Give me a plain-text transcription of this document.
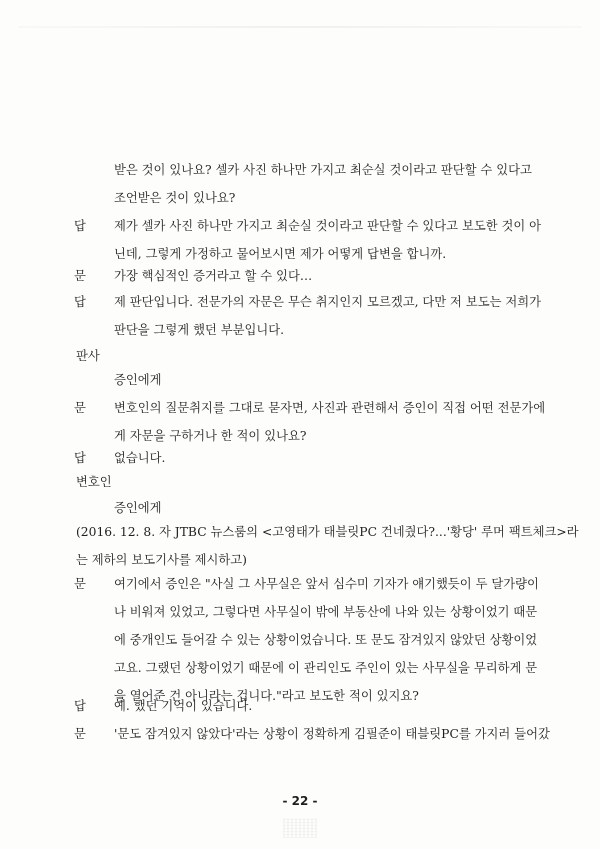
받은 것이 있나요? 셀카 사진 하나만 가지고 최순실 것이라고 판단할 수 있다고
조언받은 것이 있나요?
답	제가 셀카 사진 하나만 가지고 최순실 것이라고 판단할 수 있다고 보도한 것이 아
닌데, 그렇게 가정하고 물어보시면 제가 어떻게 답변을 합니까.
문	가장 핵심적인 증거라고 할 수 있다…
답	제 판단입니다. 전문가의 자문은 무슨 취지인지 모르겠고, 다만 저 보도는 저희가
판단을 그렇게 했던 부분입니다.
판사
증인에게
문	변호인의 질문취지를 그대로 묻자면, 사진과 관련해서 증인이 직접 어떤 전문가에
게 자문을 구하거나 한 적이 있나요?
답	없습니다.
변호인
증인에게
(2016. 12. 8. 자 JTBC 뉴스룸의 <고영태가 태블릿PC 건네줬다?...'황당' 루머 팩트체크>라
는 제하의 보도기사를 제시하고)
문	여기에서 증인은 "사실 그 사무실은 앞서 심수미 기자가 얘기했듯이 두 달가량이
나 비워져 있었고, 그렇다면 사무실이 밖에 부동산에 나와 있는 상황이었기 때문
에 중개인도 들어갈 수 있는 상황이었습니다. 또 문도 잠겨있지 않았던 상황이었
고요. 그랬던 상황이었기 때문에 이 관리인도 주인이 있는 사무실을 무리하게 문
을 열어준 건 아니라는 겁니다."라고 보도한 적이 있지요?
답	예. 했던 기억이 있습니다.
문	'문도 잠겨있지 않았다'라는 상황이 정확하게 김필준이 태블릿PC를 가지러 들어갔
- 22 -
